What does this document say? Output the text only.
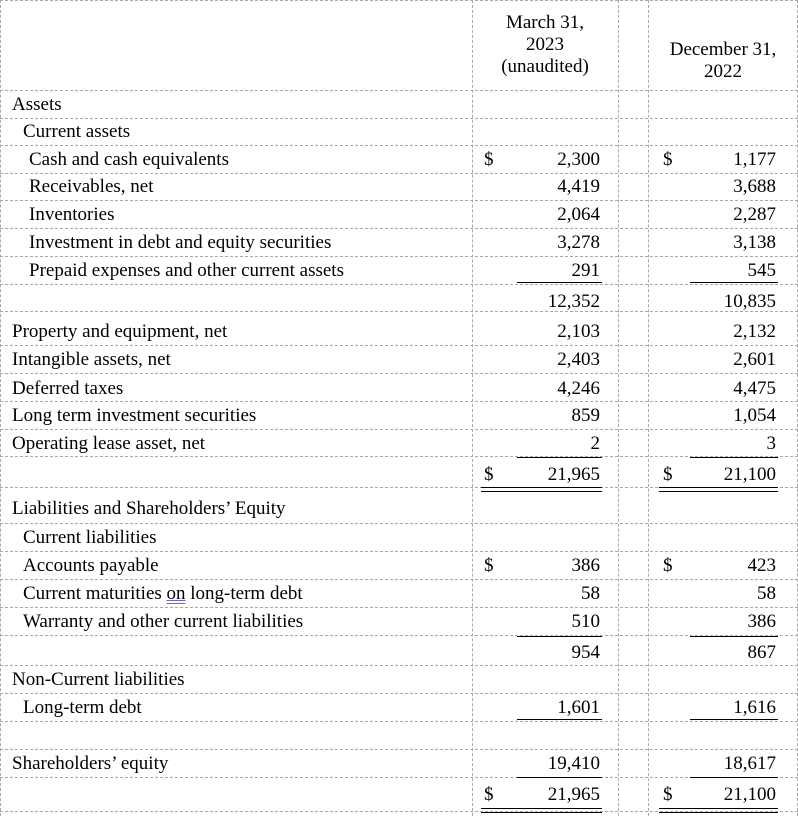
March 31,
2023
(unaudited)
December 31,
2022
Assets
Current assets
Cash and cash equivalents	$	2,300	$	1,177
Receivables, net	4,419	3,688
Inventories	2,064	2,287
Investment in debt and equity securities	3,278	3,138
Prepaid expenses and other current assets	291	545
12,352	10,835
Property and equipment, net	2,103	2,132
Intangible assets, net	2,403	2,601
Deferred taxes	4,246	4,475
Long term investment securities	859	1,054
Operating lease asset, net	2	3
$	21,965	$	21,100
Liabilities and Shareholders’ Equity
Current liabilities
Accounts payable	$	386	$	423
Current maturities on long-term debt	58	58
Warranty and other current liabilities	510	386
954	867
Non-Current liabilities
Long-term debt	1,601	1,616
Shareholders’ equity	19,410	18,617
$	21,965	$	21,100
